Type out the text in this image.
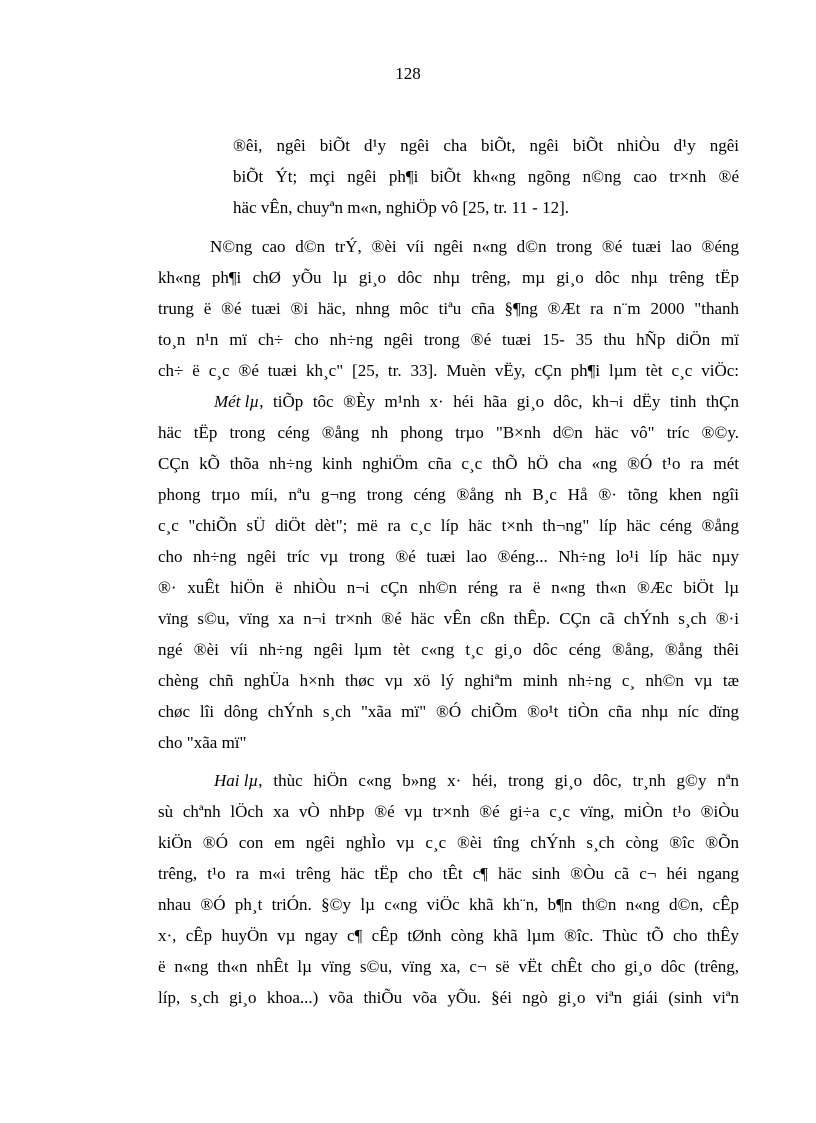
128
®êi, ngêi biÕt d¹y ngêi cha biÕt, ngêi biÕt nhiÒu d¹y ngêi
biÕt Ýt; mçi ngêi ph¶i biÕt kh«ng ngõng n©ng cao tr×nh ®é
häc vÊn, chuyªn m«n, nghiÖp vô [25, tr. 11 - 12].
N©ng cao d©n trÝ, ®èi víi ngêi n«ng d©n trong ®é tuæi lao ®éng
kh«ng ph¶i chØ yÕu lµ gi¸o dôc nhµ trêng, mµ gi¸o dôc nhµ trêng tËp
trung ë ®é tuæi ®i häc, nhng môc tiªu cña §¶ng ®Æt ra n¨m 2000 "thanh
to¸n n¹n mï ch÷ cho nh÷ng ngêi trong ®é tuæi 15- 35 thu hÑp diÖn mï
ch÷ ë c¸c ®é tuæi kh¸c" [25, tr. 33]. Muèn vËy, cÇn ph¶i lµm tèt c¸c viÖc:
Mét lµ , tiÕp tôc ®Èy m¹nh x· héi hãa gi¸o dôc, kh¬i dËy tinh thÇn
häc tËp trong céng ®ång nh phong trµo "B×nh d©n häc vô" tríc ®©y.
CÇn kÕ thõa nh÷ng kinh nghiÖm cña c¸c thÕ hÖ cha «ng ®Ó t¹o ra mét
phong trµo míi, nªu g¬ng trong céng ®ång nh B¸c Hå ®· tõng khen ngîi
c¸c "chiÕn sÜ diÖt dèt"; më ra c¸c líp häc t×nh th¬ng" líp häc céng ®ång
cho nh÷ng ngêi tríc vµ trong ®é tuæi lao ®éng... Nh÷ng lo¹i líp häc nµy
®· xuÊt hiÖn ë nhiÒu n¬i cÇn nh©n réng ra ë n«ng th«n ®Æc biÖt lµ
vïng s©u, vïng xa n¬i tr×nh ®é häc vÊn cßn thÊp. CÇn cã chÝnh s¸ch ®·i
ngé ®èi víi nh÷ng ngêi lµm tèt c«ng t¸c gi¸o dôc céng ®ång, ®ång thêi
chèng chñ nghÜa h×nh thøc vµ xö lý nghiªm minh nh÷ng c¸ nh©n vµ tæ
chøc lîi dông chÝnh s¸ch "xãa mï" ®Ó chiÕm ®o¹t tiÒn cña nhµ níc dïng
cho "xãa mï"
Hai lµ , thùc hiÖn c«ng b»ng x· héi, trong gi¸o dôc, tr¸nh g©y nªn
sù chªnh lÖch xa vÒ nhÞp ®é vµ tr×nh ®é gi÷a c¸c vïng, miÒn t¹o ®iÒu
kiÖn ®Ó con em ngêi nghÌo vµ c¸c ®èi tîng chÝnh s¸ch còng ®îc ®Õn
trêng, t¹o ra m«i trêng häc tËp cho tÊt c¶ häc sinh ®Òu cã c¬ héi ngang
nhau ®Ó ph¸t triÓn. §©y lµ c«ng viÖc khã kh¨n, b¶n th©n n«ng d©n, cÊp
x·, cÊp huyÖn vµ ngay c¶ cÊp tØnh còng khã lµm ®îc. Thùc tÕ cho thÊy
ë n«ng th«n nhÊt lµ vïng s©u, vïng xa, c¬ së vËt chÊt cho gi¸o dôc (trêng,
líp, s¸ch gi¸o khoa...) võa thiÕu võa yÕu. §éi ngò gi¸o viªn giái (sinh viªn
